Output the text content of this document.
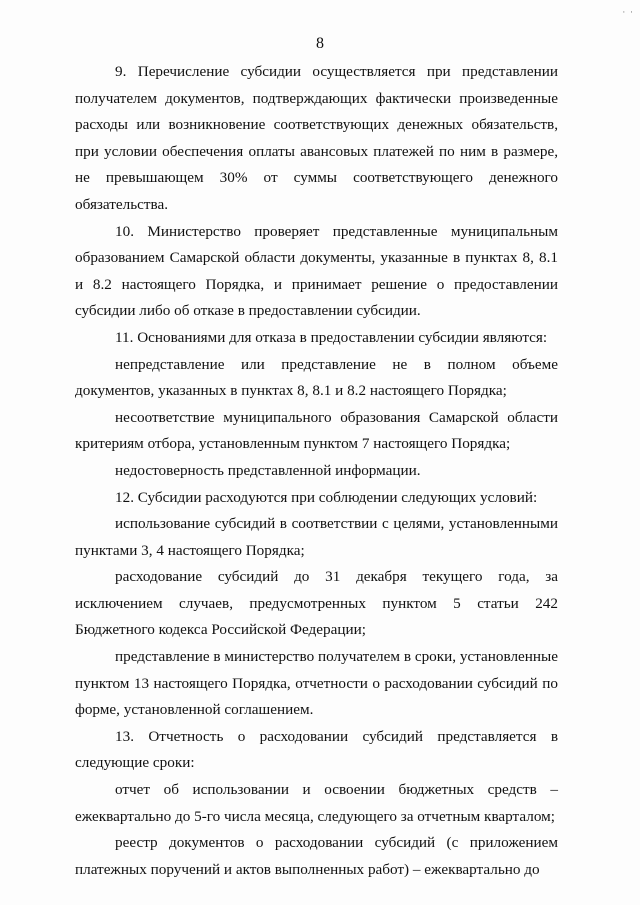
· ·
8

9. Перечисление субсидии осуществляется при представлении получателем документов, подтверждающих фактически произведенные расходы или возникновение соответствующих денежных обязательств, при условии обеспечения оплаты авансовых платежей по ним в размере, не превышающем 30% от суммы соответствующего денежного обязательства.

10. Министерство проверяет представленные муниципальным образованием Самарской области документы, указанные в пунктах 8, 8.1 и 8.2 настоящего Порядка, и принимает решение о предоставлении субсидии либо об отказе в предоставлении субсидии.

11. Основаниями для отказа в предоставлении субсидии являются:

непредставление или представление не в полном объеме документов, указанных в пунктах 8, 8.1 и 8.2 настоящего Порядка;

несоответствие муниципального образования Самарской области критериям отбора, установленным пунктом 7 настоящего Порядка;

недостоверность представленной информации.

12. Субсидии расходуются при соблюдении следующих условий:

использование субсидий в соответствии с целями, установленными пунктами 3, 4 настоящего Порядка;

расходование субсидий до 31 декабря текущего года, за исключением случаев, предусмотренных пунктом 5 статьи 242 Бюджетного кодекса Российской Федерации;

представление в министерство получателем в сроки, установленные пунктом 13 настоящего Порядка, отчетности о расходовании субсидий по форме, установленной соглашением.

13. Отчетность о расходовании субсидий представляется в следующие сроки:

отчет об использовании и освоении бюджетных средств – ежеквартально до 5-го числа месяца, следующего за отчетным кварталом;

реестр документов о расходовании субсидий (с приложением платежных поручений и актов выполненных работ) – ежеквартально до
